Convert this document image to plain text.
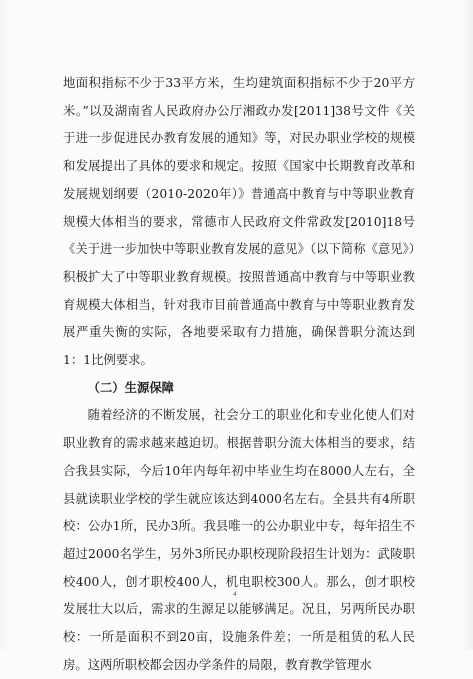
地面积指标不少于33平方米，生均建筑面积指标不少于20平方米。”以及湖南省人民政府办公厅湘政办发[2011]38号文件《关于进一步促进民办教育发展的通知》等，对民办职业学校的规模和发展提出了具体的要求和规定。按照《国家中长期教育改革和发展规划纲要（2010-2020年）》普通高中教育与中等职业教育规模大体相当的要求，常德市人民政府文件常政发[2010]18号《关于进一步加快中等职业教育发展的意见》（以下简称《意见》）积极扩大了中等职业教育规模。按照普通高中教育与中等职业教育规模大体相当，针对我市目前普通高中教育与中等职业教育发展严重失衡的实际，各地要采取有力措施，确保普职分流达到1：1比例要求。

（二）生源保障

随着经济的不断发展，社会分工的职业化和专业化使人们对职业教育的需求越来越迫切。根据普职分流大体相当的要求，结合我县实际，今后10年内每年初中毕业生均在8000人左右，全县就读职业学校的学生就应该达到4000名左右。全县共有4所职校：公办1所，民办3所。我县唯一的公办职业中专，每年招生不超过2000名学生，另外3所民办职校现阶段招生计划为：武陵职校400人，创才职校400人，机电职校300人。那么，创才职校发展壮大以后，需求的生源足以能够满足。况且，另两所民办职校：一所是面积不到20亩，设施条件差；一所是租赁的私人民房。这两所职校都会因办学条件的局限，教育教学管理水

4
